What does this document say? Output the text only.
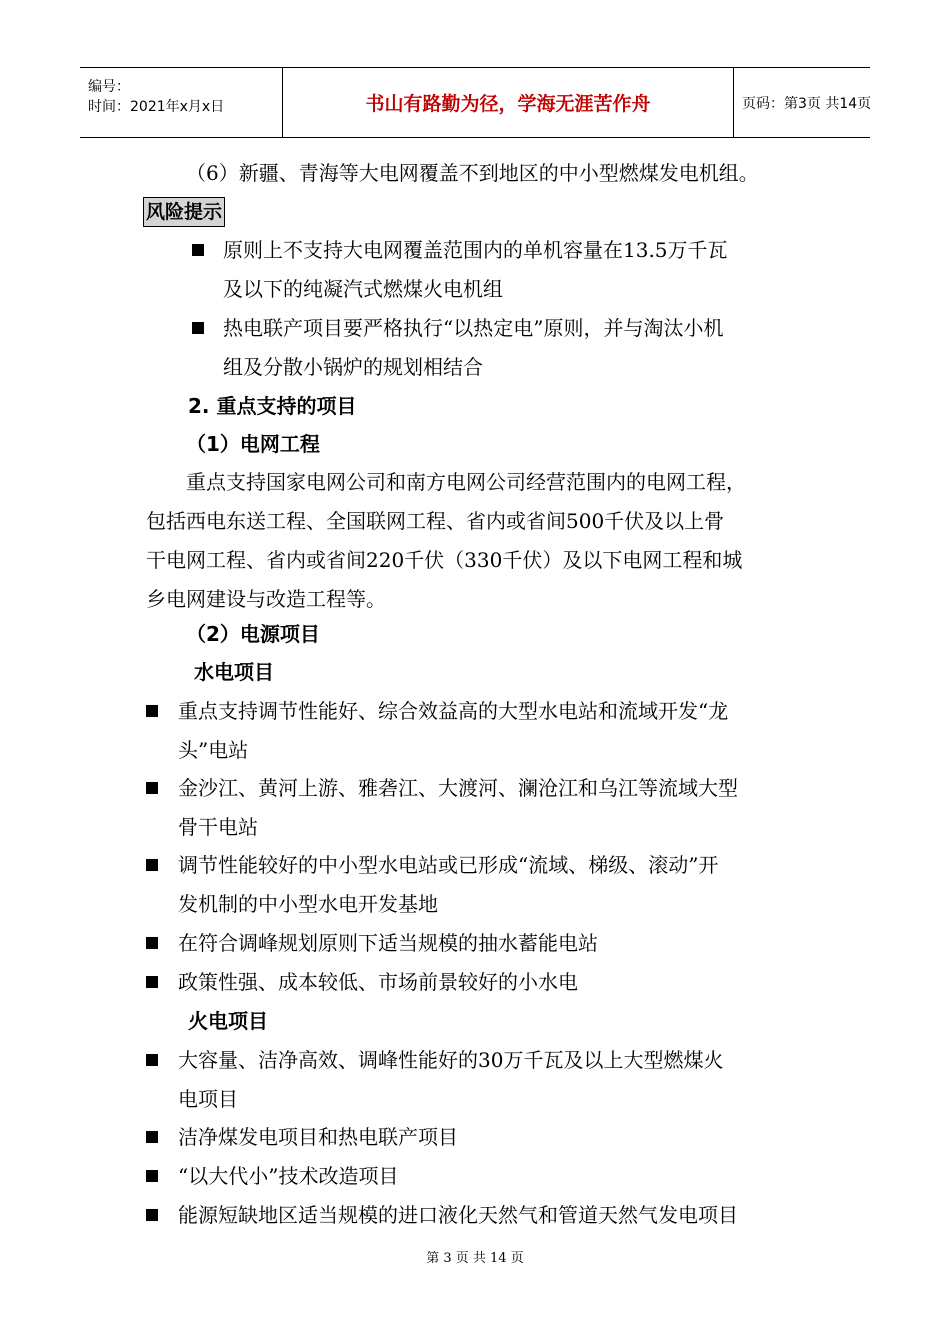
编号：
时间：2021年x月x日	书山有路勤为径，学海无涯苦作舟	页码：第3页 共14页
（6）新疆、青海等大电网覆盖不到地区的中小型燃煤发电机组。
风险提示
原则上不支持大电网覆盖范围内的单机容量在13.5万千瓦
及以下的纯凝汽式燃煤火电机组
热电联产项目要严格执行“以热定电”原则，并与淘汰小机
组及分散小锅炉的规划相结合
2. 重点支持的项目
（1）电网工程
重点支持国家电网公司和南方电网公司经营范围内的电网工程，
包括西电东送工程、全国联网工程、省内或省间500千伏及以上骨
干电网工程、省内或省间220千伏（330千伏）及以下电网工程和城
乡电网建设与改造工程等。
（2）电源项目
水电项目
重点支持调节性能好、综合效益高的大型水电站和流域开发“龙
头”电站
金沙江、黄河上游、雅砻江、大渡河、澜沧江和乌江等流域大型
骨干电站
调节性能较好的中小型水电站或已形成“流域、梯级、滚动”开
发机制的中小型水电开发基地
在符合调峰规划原则下适当规模的抽水蓄能电站
政策性强、成本较低、市场前景较好的小水电
火电项目
大容量、洁净高效、调峰性能好的30万千瓦及以上大型燃煤火
电项目
洁净煤发电项目和热电联产项目
“以大代小”技术改造项目
能源短缺地区适当规模的进口液化天然气和管道天然气发电项目
第 3 页 共 14 页
